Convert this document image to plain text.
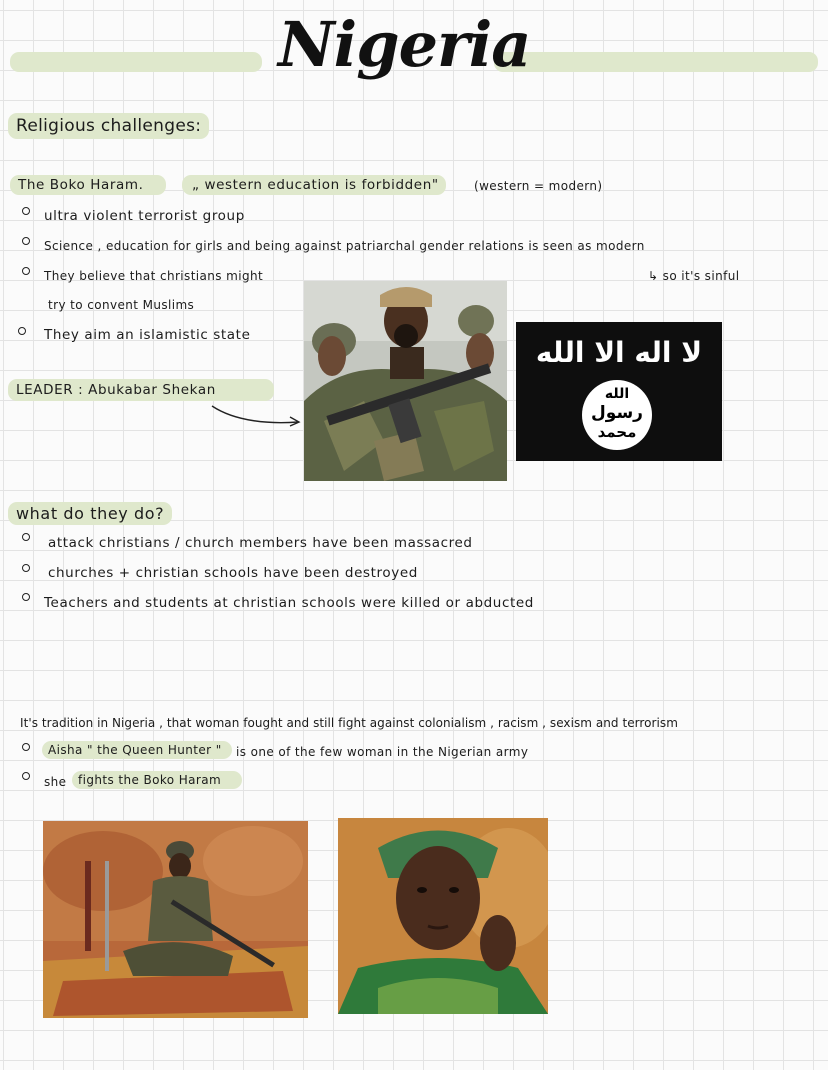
Nigeria
Religious challenges:
The Boko Haram.	„ western education is forbidden"	(western = modern)
ultra violent terrorist group
Science , education for girls and being against patriarchal gender relations is seen as modern
They believe that christians might	↳ so it's sinful
try to convent Muslims
They aim an islamistic state
LEADER : Abukabar Shekan
لا اله الا الله
الله
رسول
محمد
what do they do?
attack christians / church members have been massacred
churches + christian schools have been destroyed
Teachers and students at christian schools were killed or abducted
It's tradition in Nigeria , that woman fought and still fight against colonialism , racism , sexism and terrorism
Aisha " the Queen Hunter "	is one of the few woman in the Nigerian army
she fights the Boko Haram
